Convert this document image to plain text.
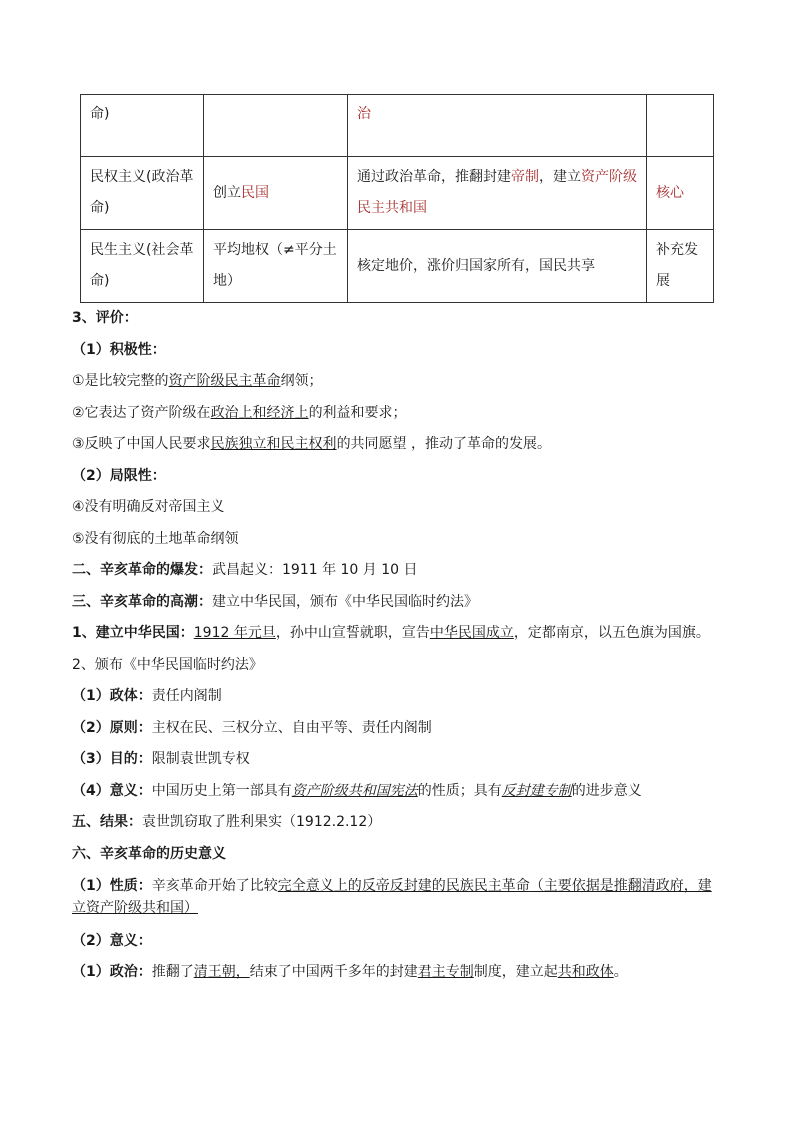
命)		治	
民权主义(政治革命)	创立民国	通过政治革命，推翻封建帝制，建立资产阶级民主共和国	核心
民生主义(社会革命)	平均地权（≠平分土地）	核定地价，涨价归国家所有，国民共享	补充发展
3、评价：
（1）积极性：
①是比较完整的资产阶级民主革命纲领；
②它表达了资产阶级在政治上和经济上的利益和要求；
③反映了中国人民要求民族独立和民主权利的共同愿望 ，推动了革命的发展。
（2）局限性：
④没有明确反对帝国主义
⑤没有彻底的土地革命纲领
二、辛亥革命的爆发：武昌起义：1911 年 10 月 10 日
三、辛亥革命的高潮：建立中华民国，颁布《中华民国临时约法》
1、建立中华民国：1912 年元旦，孙中山宣誓就职，宣告中华民国成立，定都南京，以五色旗为国旗。
2、颁布《中华民国临时约法》
（1）政体：责任内阁制
（2）原则：主权在民、三权分立、自由平等、责任内阁制
（3）目的：限制袁世凯专权
（4）意义：中国历史上第一部具有资产阶级共和国宪法的性质；具有反封建专制的进步意义
五、结果：袁世凯窃取了胜利果实（1912.2.12）
六、辛亥革命的历史意义
（1）性质：辛亥革命开始了比较完全意义上的反帝反封建的民族民主革命（主要依据是推翻清政府，建立资产阶级共和国）
（2）意义：
（1）政治：推翻了清王朝，结束了中国两千多年的封建君主专制制度，建立起共和政体。
